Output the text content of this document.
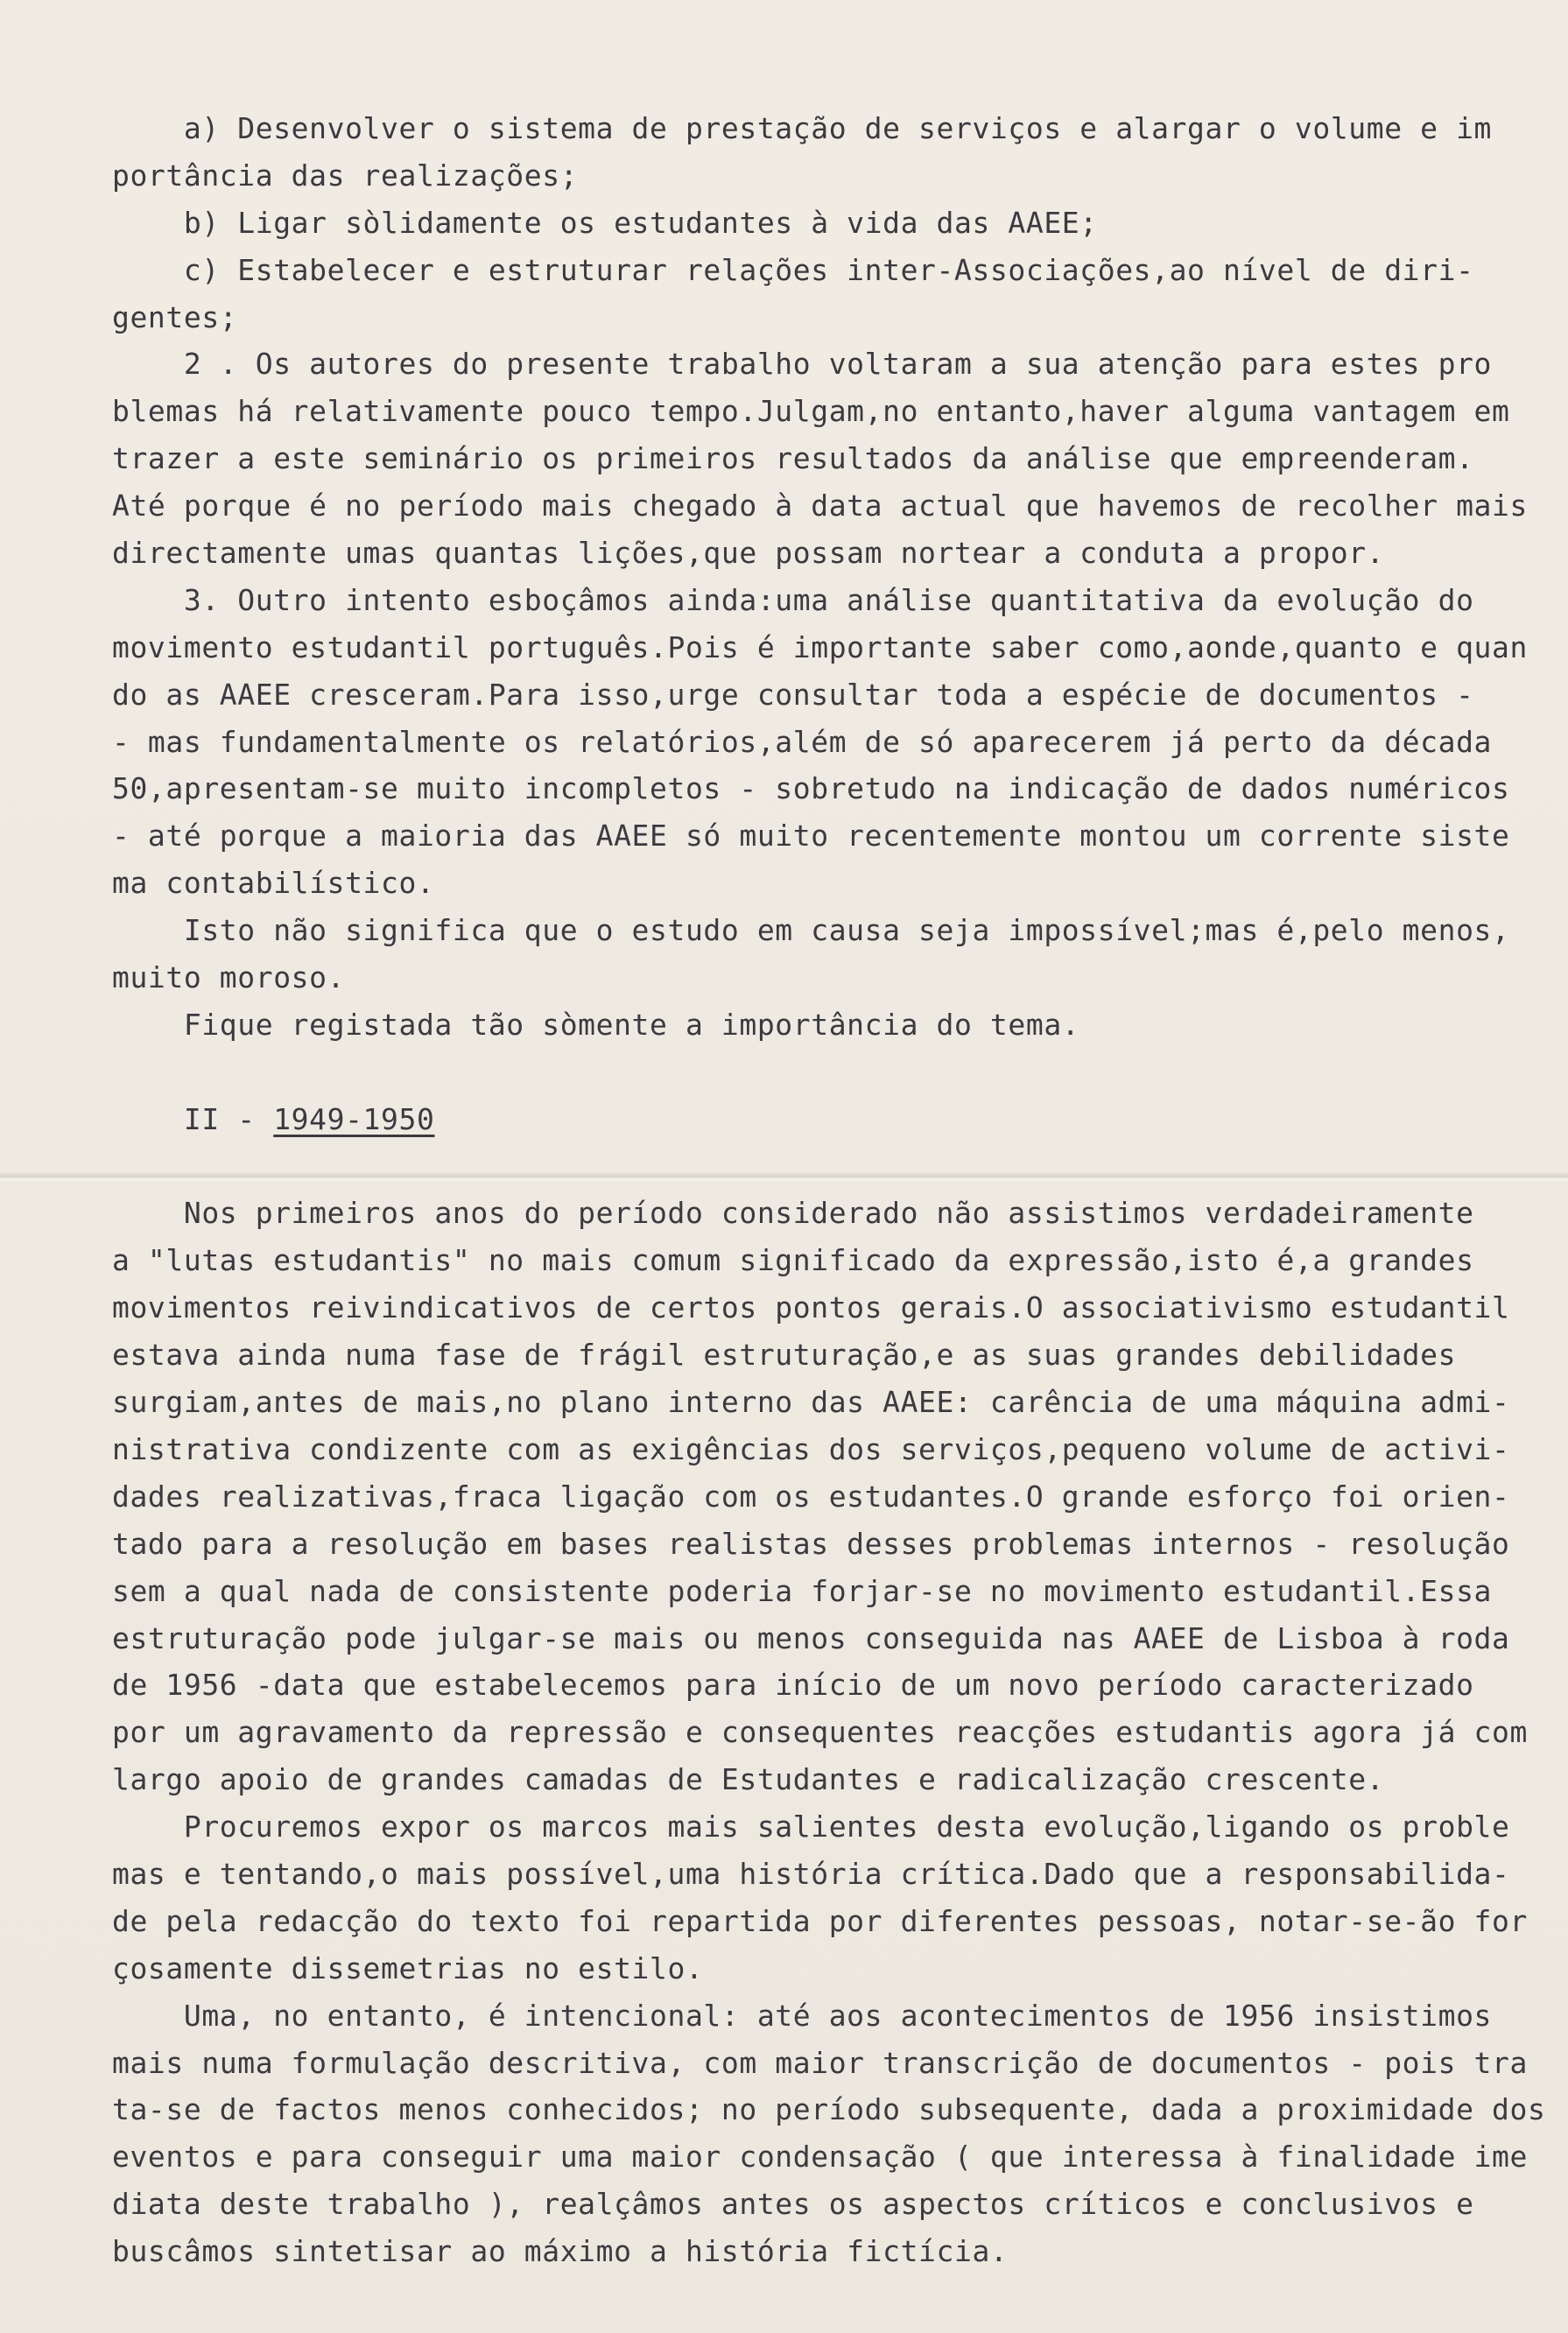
a) Desenvolver o sistema de prestação de serviços e alargar o volume e im
portância das realizações;
b) Ligar sòlidamente os estudantes à vida das AAEE;
c) Estabelecer e estruturar relações inter-Associações,ao nível de diri-
gentes;
2 . Os autores do presente trabalho voltaram a sua atenção para estes pro
blemas há relativamente pouco tempo.Julgam,no entanto,haver alguma vantagem em
trazer a este seminário os primeiros resultados da análise que empreenderam.
Até porque é no período mais chegado à data actual que havemos de recolher mais
directamente umas quantas lições,que possam nortear a conduta a propor.
3. Outro intento esboçâmos ainda:uma análise quantitativa da evolução do
movimento estudantil português.Pois é importante saber como,aonde,quanto e quan
do as AAEE cresceram.Para isso,urge consultar toda a espécie de documentos -
- mas fundamentalmente os relatórios,além de só aparecerem já perto da década
50,apresentam-se muito incompletos - sobretudo na indicação de dados numéricos
- até porque a maioria das AAEE só muito recentemente montou um corrente siste
ma contabilístico.
Isto não significa que o estudo em causa seja impossível;mas é,pelo menos,
muito moroso.
Fique registada tão sòmente a importância do tema.
II - 1949-1950
Nos primeiros anos do período considerado não assistimos verdadeiramente
a "lutas estudantis" no mais comum significado da expressão,isto é,a grandes
movimentos reivindicativos de certos pontos gerais.O associativismo estudantil
estava ainda numa fase de frágil estruturação,e as suas grandes debilidades
surgiam,antes de mais,no plano interno das AAEE: carência de uma máquina admi-
nistrativa condizente com as exigências dos serviços,pequeno volume de activi-
dades realizativas,fraca ligação com os estudantes.O grande esforço foi orien-
tado para a resolução em bases realistas desses problemas internos - resolução
sem a qual nada de consistente poderia forjar-se no movimento estudantil.Essa
estruturação pode julgar-se mais ou menos conseguida nas AAEE de Lisboa à roda
de 1956 -data que estabelecemos para início de um novo período caracterizado
por um agravamento da repressão e consequentes reacções estudantis agora já com
largo apoio de grandes camadas de Estudantes e radicalização crescente.
Procuremos expor os marcos mais salientes desta evolução,ligando os proble
mas e tentando,o mais possível,uma história crítica.Dado que a responsabilida-
de pela redacção do texto foi repartida por diferentes pessoas, notar-se-ão for
çosamente dissemetrias no estilo.
Uma, no entanto, é intencional: até aos acontecimentos de 1956 insistimos
mais numa formulação descritiva, com maior transcrição de documentos - pois tra
ta-se de factos menos conhecidos; no período subsequente, dada a proximidade dos
eventos e para conseguir uma maior condensação ( que interessa à finalidade ime
diata deste trabalho ), realçâmos antes os aspectos críticos e conclusivos e
buscâmos sintetisar ao máximo a história fictícia.
